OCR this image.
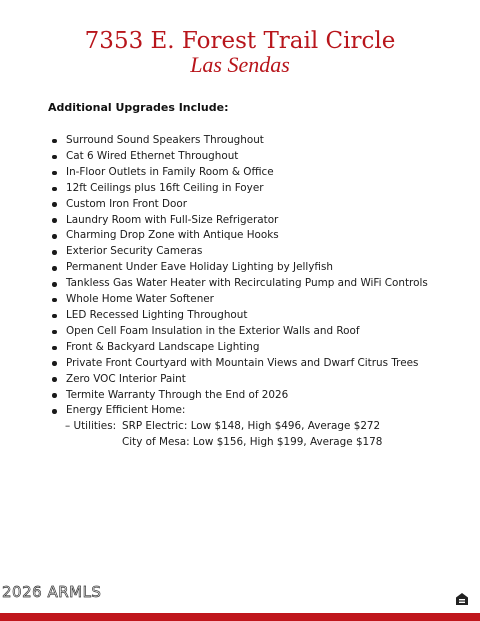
7353 E. Forest Trail Circle
Las Sendas
Additional Upgrades Include:
Surround Sound Speakers Throughout
Cat 6 Wired Ethernet Throughout
In-Floor Outlets in Family Room & Office
12ft Ceilings plus 16ft Ceiling in Foyer
Custom Iron Front Door
Laundry Room with Full-Size Refrigerator
Charming Drop Zone with Antique Hooks
Exterior Security Cameras
Permanent Under Eave Holiday Lighting by Jellyfish
Tankless Gas Water Heater with Recirculating Pump and WiFi Controls
Whole Home Water Softener
LED Recessed Lighting Throughout
Open Cell Foam Insulation in the Exterior Walls and Roof
Front & Backyard Landscape Lighting
Private Front Courtyard with Mountain Views and Dwarf Citrus Trees
Zero VOC Interior Paint
Termite Warranty Through the End of 2026
Energy Efficient Home:
– Utilities: SRP Electric: Low $148, High $496, Average $272
City of Mesa: Low $156, High $199, Average $178
2026 ARMLS
